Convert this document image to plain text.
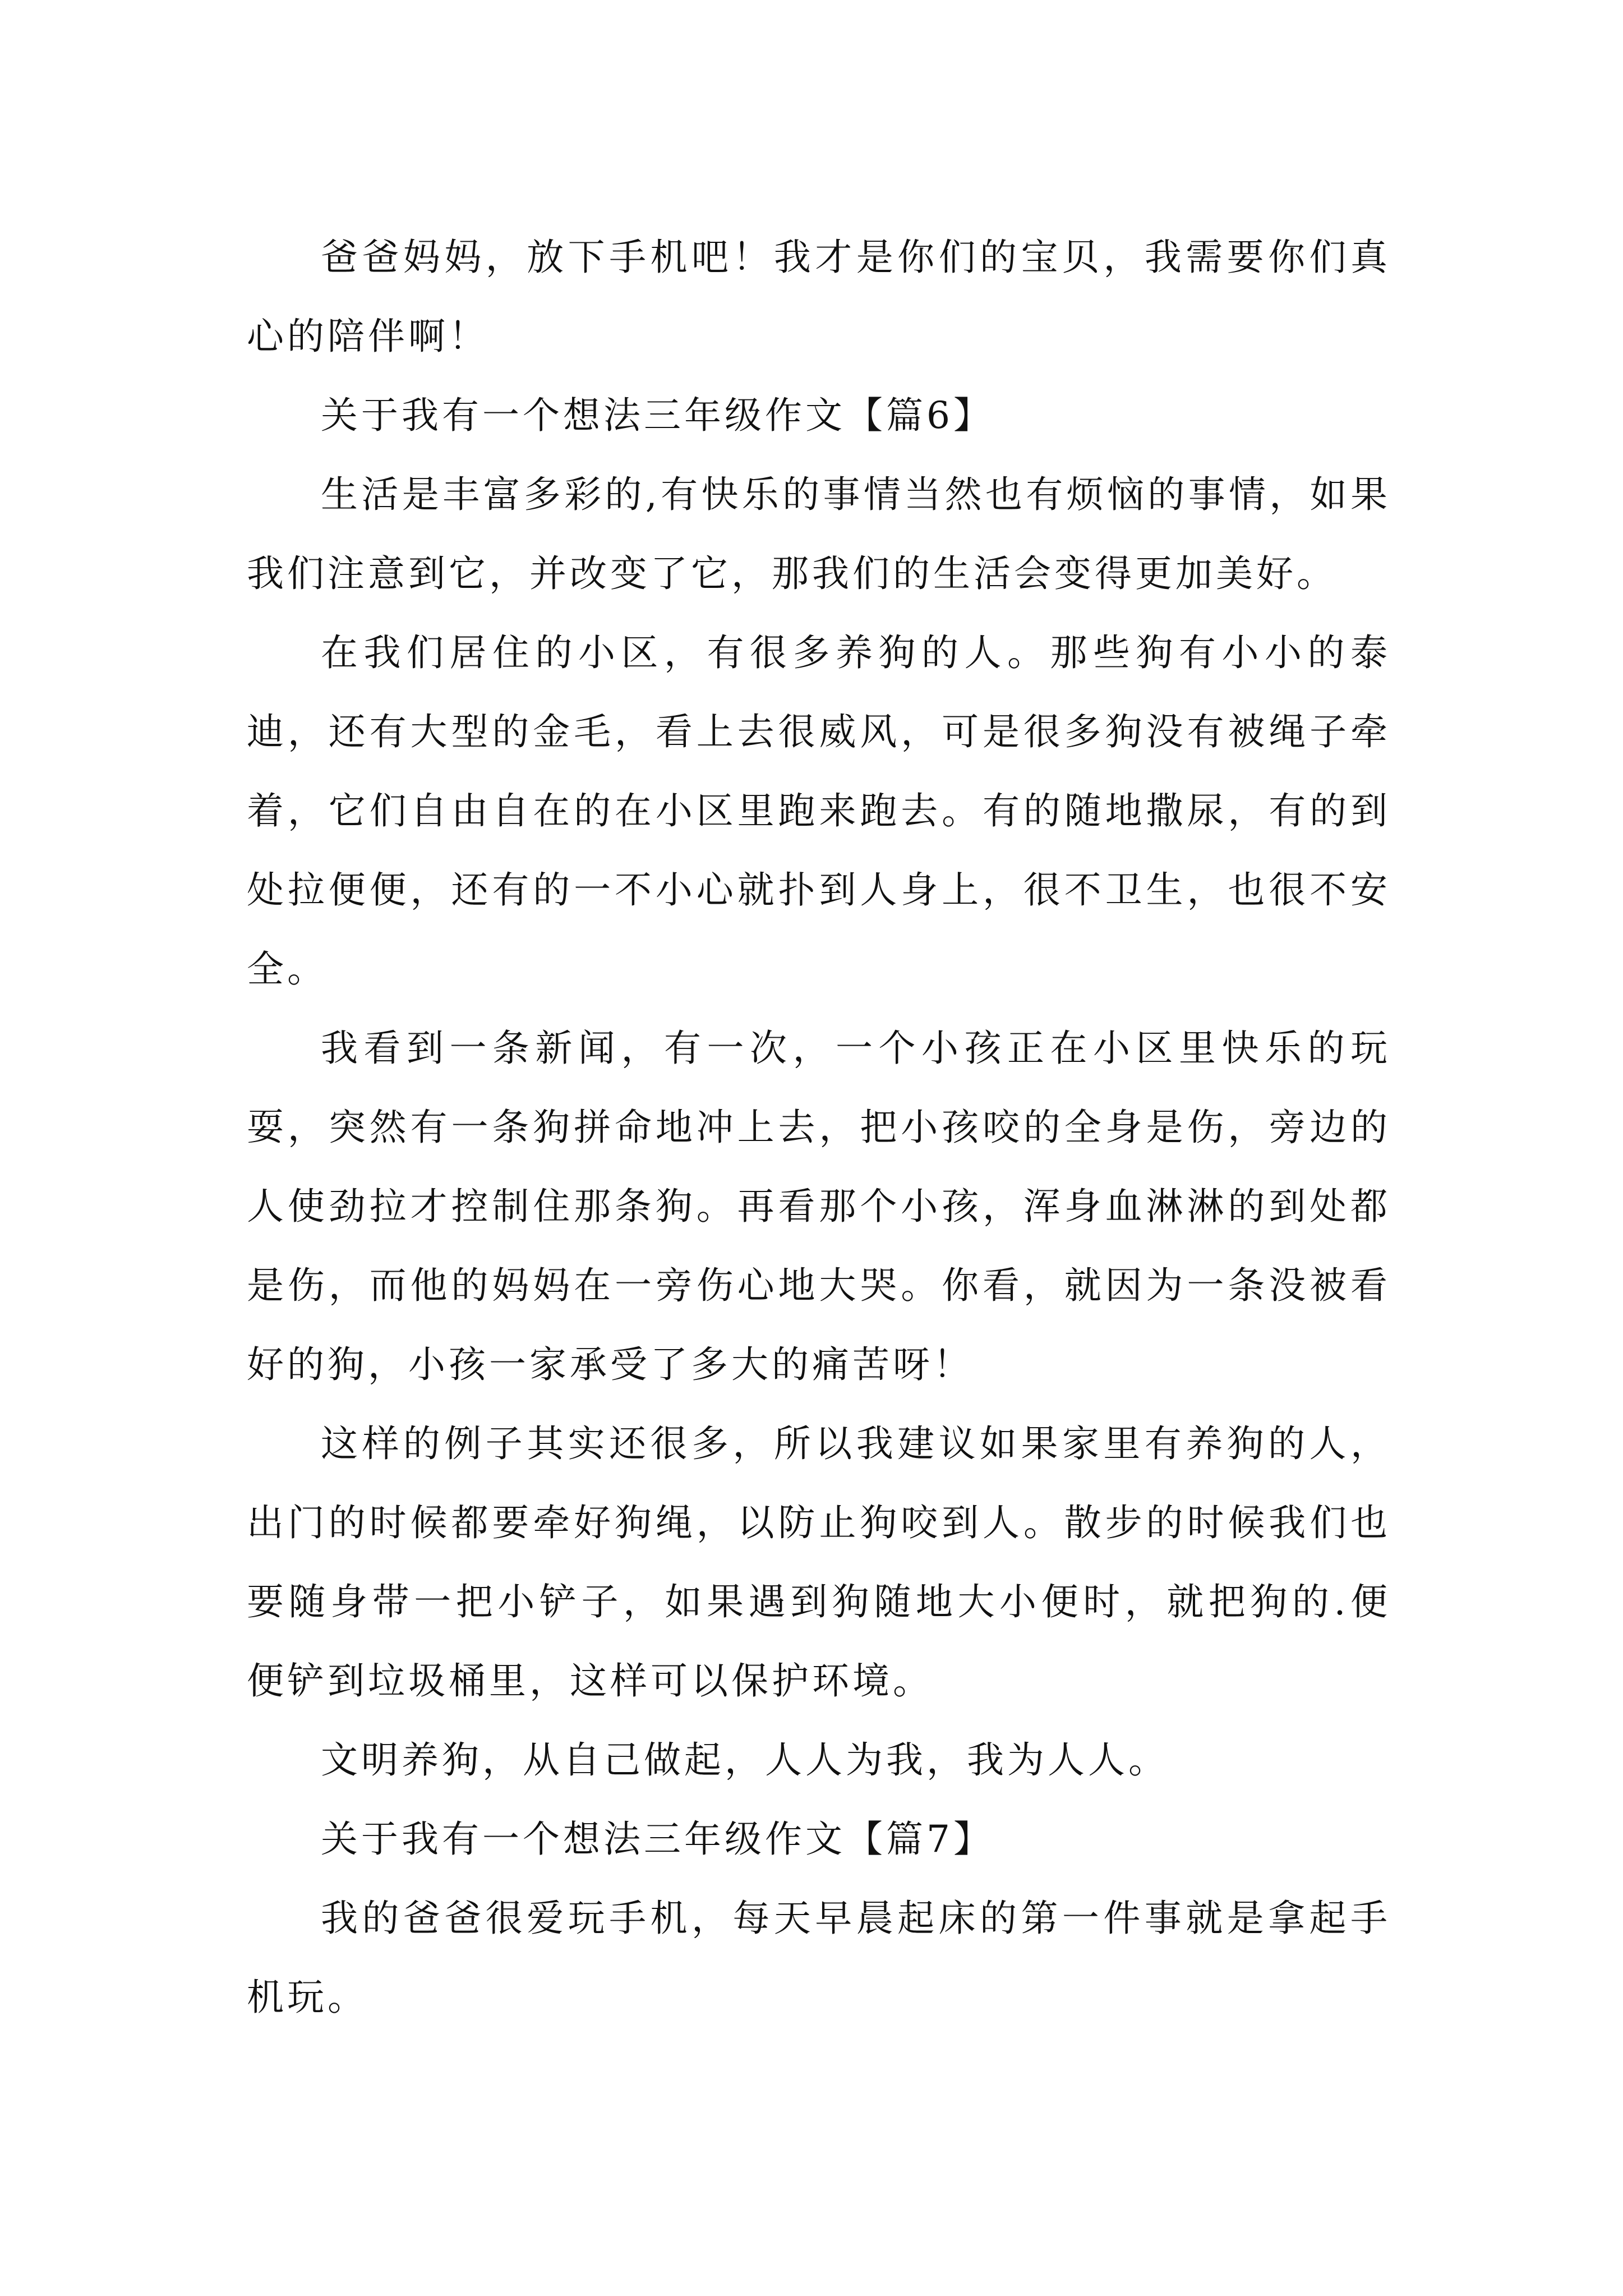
爸爸妈妈，放下手机吧！我才是你们的宝贝，我需要你们真心的陪伴啊！

关于我有一个想法三年级作文【篇6】

生活是丰富多彩的,有快乐的事情当然也有烦恼的事情，如果我们注意到它，并改变了它，那我们的生活会变得更加美好。

在我们居住的小区，有很多养狗的人。那些狗有小小的泰迪，还有大型的金毛，看上去很威风，可是很多狗没有被绳子牵着，它们自由自在的在小区里跑来跑去。有的随地撒尿，有的到处拉便便，还有的一不小心就扑到人身上，很不卫生，也很不安全。

我看到一条新闻，有一次，一个小孩正在小区里快乐的玩耍，突然有一条狗拼命地冲上去，把小孩咬的全身是伤，旁边的人使劲拉才控制住那条狗。再看那个小孩，浑身血淋淋的到处都是伤，而他的妈妈在一旁伤心地大哭。你看，就因为一条没被看好的狗，小孩一家承受了多大的痛苦呀！

这样的例子其实还很多，所以我建议如果家里有养狗的人，出门的时候都要牵好狗绳，以防止狗咬到人。散步的时候我们也要随身带一把小铲子，如果遇到狗随地大小便时，就把狗的.便便铲到垃圾桶里，这样可以保护环境。

文明养狗，从自己做起，人人为我，我为人人。

关于我有一个想法三年级作文【篇7】

我的爸爸很爱玩手机，每天早晨起床的第一件事就是拿起手机玩。
